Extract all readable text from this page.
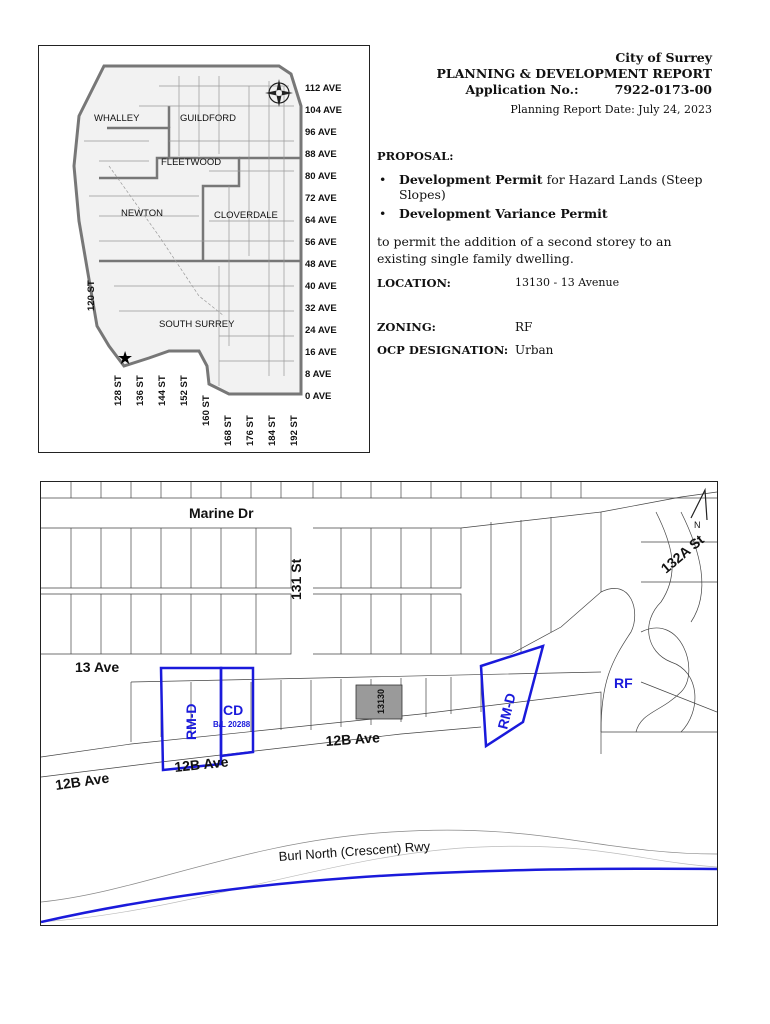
★
WHALLEY	GUILDFORD
FLEETWOOD
NEWTON	CLOVERDALE
SOUTH SURREY
112 AVE
104 AVE
96 AVE
88 AVE
80 AVE
72 AVE
64 AVE
56 AVE
48 AVE
40 AVE
32 AVE
24 AVE
16 AVE
8 AVE
0 AVE
120 ST
128 ST 136 ST 144 ST 152 ST
160 ST
168 ST 176 ST 184 ST 192 ST
City of Surrey
PLANNING & DEVELOPMENT REPORT
Application No.:	7922-0173-00
Planning Report Date: July 24, 2023
PROPOSAL:
• Development Permit for Hazard Lands (Steep Slopes)
• Development Variance Permit
to permit the addition of a second storey to an existing single family dwelling.
LOCATION:	13130 - 13 Avenue
ZONING:	RF
OCP DESIGNATION: Urban
13130
Marine Dr
131 St
13 Ave
12B Ave
12B Ave
12B Ave
132A St
Burl North (Crescent) Rwy
RM-D CD
B/L 20288	RM-D
RF
N
